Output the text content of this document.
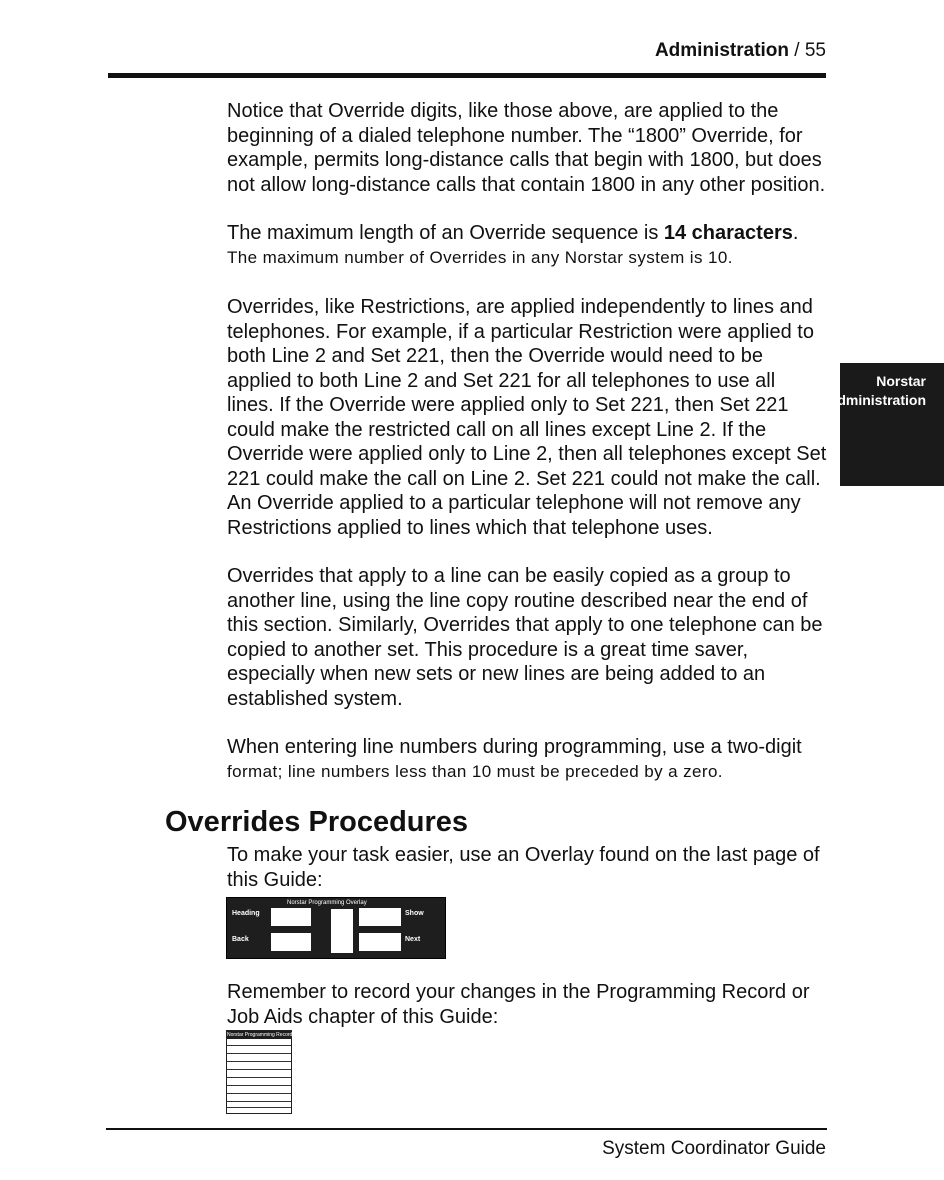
Administration / 55
Norstar
Administration

Notice that Override digits, like those above, are applied to the beginning of a dialed telephone number. The “1800” Override, for example, permits long-distance calls that begin with 1800, but does not allow long-distance calls that contain 1800 in any other position.

The maximum length of an Override sequence is 14 characters.

The maximum number of Overrides in any Norstar system is 10.

Overrides, like Restrictions, are applied independently to lines and telephones. For example, if a particular Restriction were applied to both Line 2 and Set 221, then the Override would need to be applied to both Line 2 and Set 221 for all telephones to use all lines. If the Override were applied only to Set 221, then Set 221 could make the restricted call on all lines except Line 2. If the Override were applied only to Line 2, then all telephones except Set 221 could make the call on Line 2. Set 221 could not make the call. An Override applied to a particular telephone will not remove any Restrictions applied to lines which that telephone uses.

Overrides that apply to a line can be easily copied as a group to another line, using the line copy routine described near the end of this section. Similarly, Overrides that apply to one telephone can be copied to another set. This procedure is a great time saver, especially when new sets or new lines are being added to an established system.

When entering line numbers during programming, use a two-digit

format; line numbers less than 10 must be preceded by a zero.

Overrides Procedures

To make your task easier, use an Overlay found on the last page of this Guide:

Norstar Programming Overlay
Heading
Back
Show
Next

Remember to record your changes in the Programming Record or Job Aids chapter of this Guide:

Norstar Programming Record
System Coordinator Guide
